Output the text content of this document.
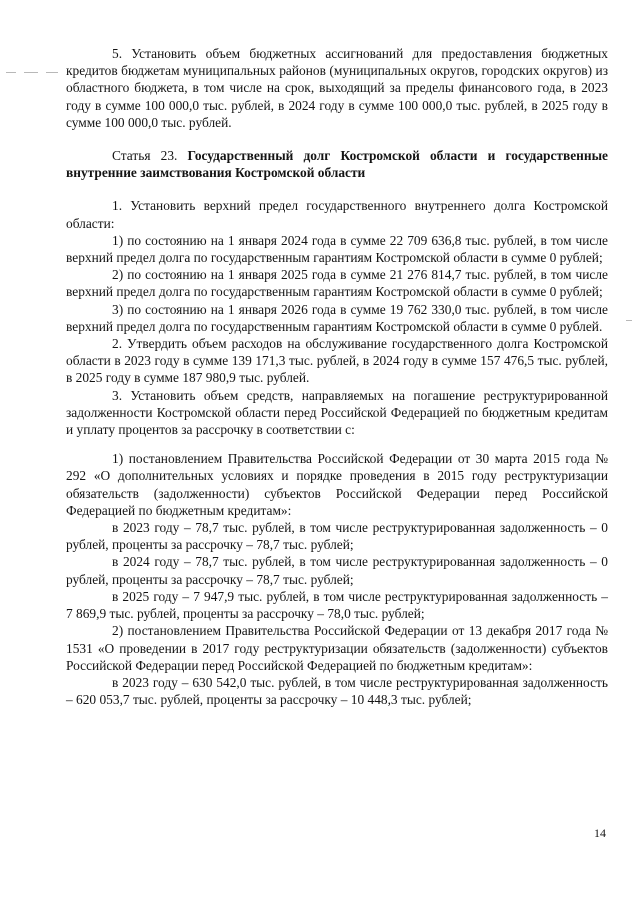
5. Установить объем бюджетных ассигнований для предоставления бюджетных кредитов бюджетам муниципальных районов (муниципальных округов, городских округов) из областного бюджета, в том числе на срок, выходящий за пределы финансового года, в 2023 году в сумме 100 000,0 тыс. рублей, в 2024 году в сумме 100 000,0 тыс. рублей, в 2025 году в сумме 100 000,0 тыс. рублей.

Статья 23. Государственный долг Костромской области и государственные внутренние заимствования Костромской области

1. Установить верхний предел государственного внутреннего долга Костромской области:

1) по состоянию на 1 января 2024 года в сумме 22 709 636,8 тыс. рублей, в том числе верхний предел долга по государственным гарантиям Костромской области в сумме 0 рублей;

2) по состоянию на 1 января 2025 года в сумме 21 276 814,7 тыс. рублей, в том числе верхний предел долга по государственным гарантиям Костромской области в сумме 0 рублей;

3) по состоянию на 1 января 2026 года в сумме 19 762 330,0 тыс. рублей, в том числе верхний предел долга по государственным гарантиям Костромской области в сумме 0 рублей.

2. Утвердить объем расходов на обслуживание государственного долга Костромской области в 2023 году в сумме 139 171,3 тыс. рублей, в 2024 году в сумме 157 476,5 тыс. рублей, в 2025 году в сумме 187 980,9 тыс. рублей.

3. Установить объем средств, направляемых на погашение реструктурированной задолженности Костромской области перед Российской Федерацией по бюджетным кредитам и уплату процентов за рассрочку в соответствии с:

1) постановлением Правительства Российской Федерации от 30 марта 2015 года № 292 «О дополнительных условиях и порядке проведения в 2015 году реструктуризации обязательств (задолженности) субъектов Российской Федерации перед Российской Федерацией по бюджетным кредитам»:

в 2023 году – 78,7 тыс. рублей, в том числе реструктурированная задолженность – 0 рублей, проценты за рассрочку – 78,7 тыс. рублей;

в 2024 году – 78,7 тыс. рублей, в том числе реструктурированная задолженность – 0 рублей, проценты за рассрочку – 78,7 тыс. рублей;

в 2025 году – 7 947,9 тыс. рублей, в том числе реструктурированная задолженность – 7 869,9 тыс. рублей, проценты за рассрочку – 78,0 тыс. рублей;

2) постановлением Правительства Российской Федерации от 13 декабря 2017 года № 1531 «О проведении в 2017 году реструктуризации обязательств (задолженности) субъектов Российской Федерации перед Российской Федерацией по бюджетным кредитам»:

в 2023 году – 630 542,0 тыс. рублей, в том числе реструктурированная задолженность – 620 053,7 тыс. рублей, проценты за рассрочку – 10 448,3 тыс. рублей;

14
